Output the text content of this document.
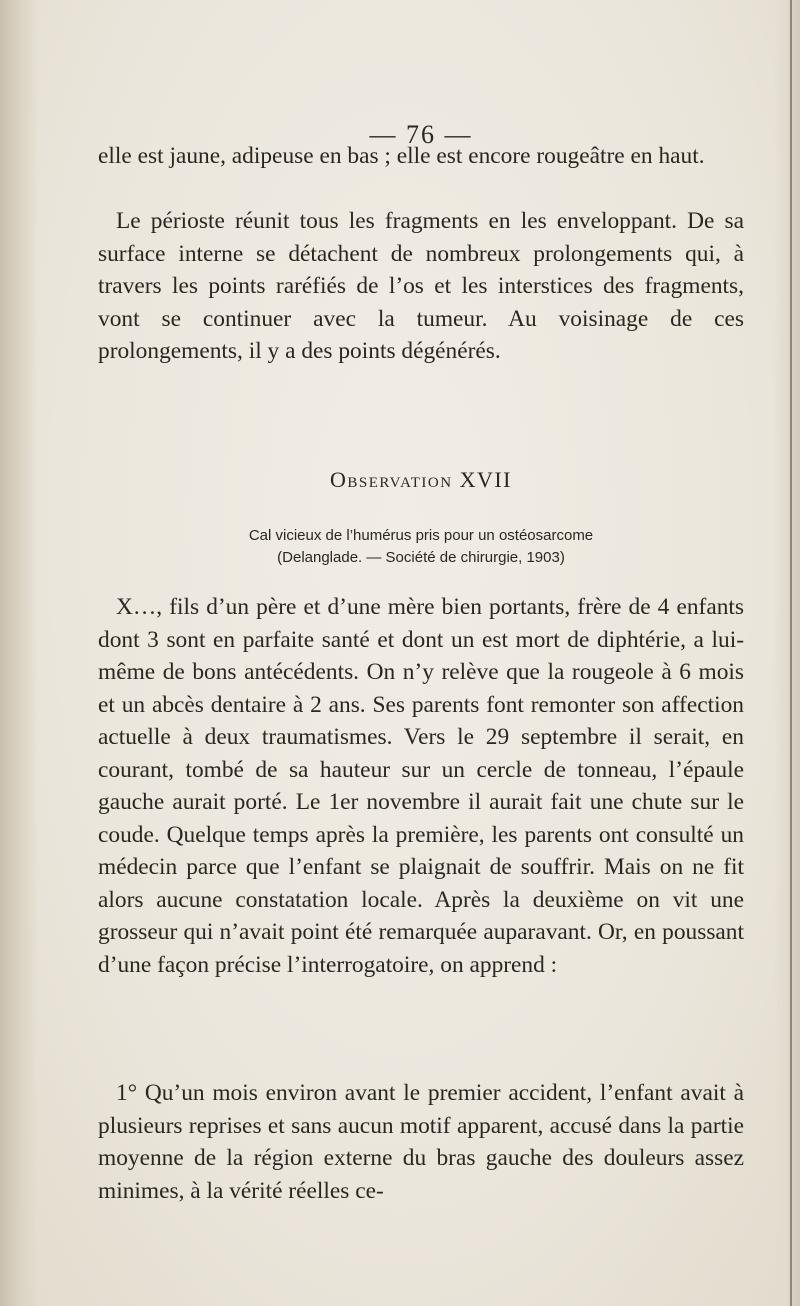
— 76 —

elle est jaune, adipeuse en bas ; elle est encore rougeâtre en haut.

Le périoste réunit tous les fragments en les enveloppant. De sa surface interne se détachent de nombreux prolongements qui, à travers les points raréfiés de l’os et les interstices des fragments, vont se continuer avec la tumeur. Au voisinage de ces prolongements, il y a des points dégénérés.

Observation XVII
Cal vicieux de l’humérus pris pour un ostéosarcome
(Delanglade. — Société de chirurgie, 1903)

X…, fils d’un père et d’une mère bien portants, frère de 4 enfants dont 3 sont en parfaite santé et dont un est mort de diphtérie, a lui-même de bons antécédents. On n’y relève que la rougeole à 6 mois et un abcès dentaire à 2 ans. Ses parents font remonter son affection actuelle à deux traumatismes. Vers le 29 septembre il serait, en courant, tombé de sa hauteur sur un cercle de tonneau, l’épaule gauche aurait porté. Le 1er novembre il aurait fait une chute sur le coude. Quelque temps après la première, les parents ont consulté un médecin parce que l’enfant se plaignait de souffrir. Mais on ne fit alors aucune constatation locale. Après la deuxième on vit une grosseur qui n’avait point été remarquée auparavant. Or, en poussant d’une façon précise l’interrogatoire, on apprend :

1° Qu’un mois environ avant le premier accident, l’enfant avait à plusieurs reprises et sans aucun motif apparent, accusé dans la partie moyenne de la région externe du bras gauche des douleurs assez minimes, à la vérité réelles ce-
